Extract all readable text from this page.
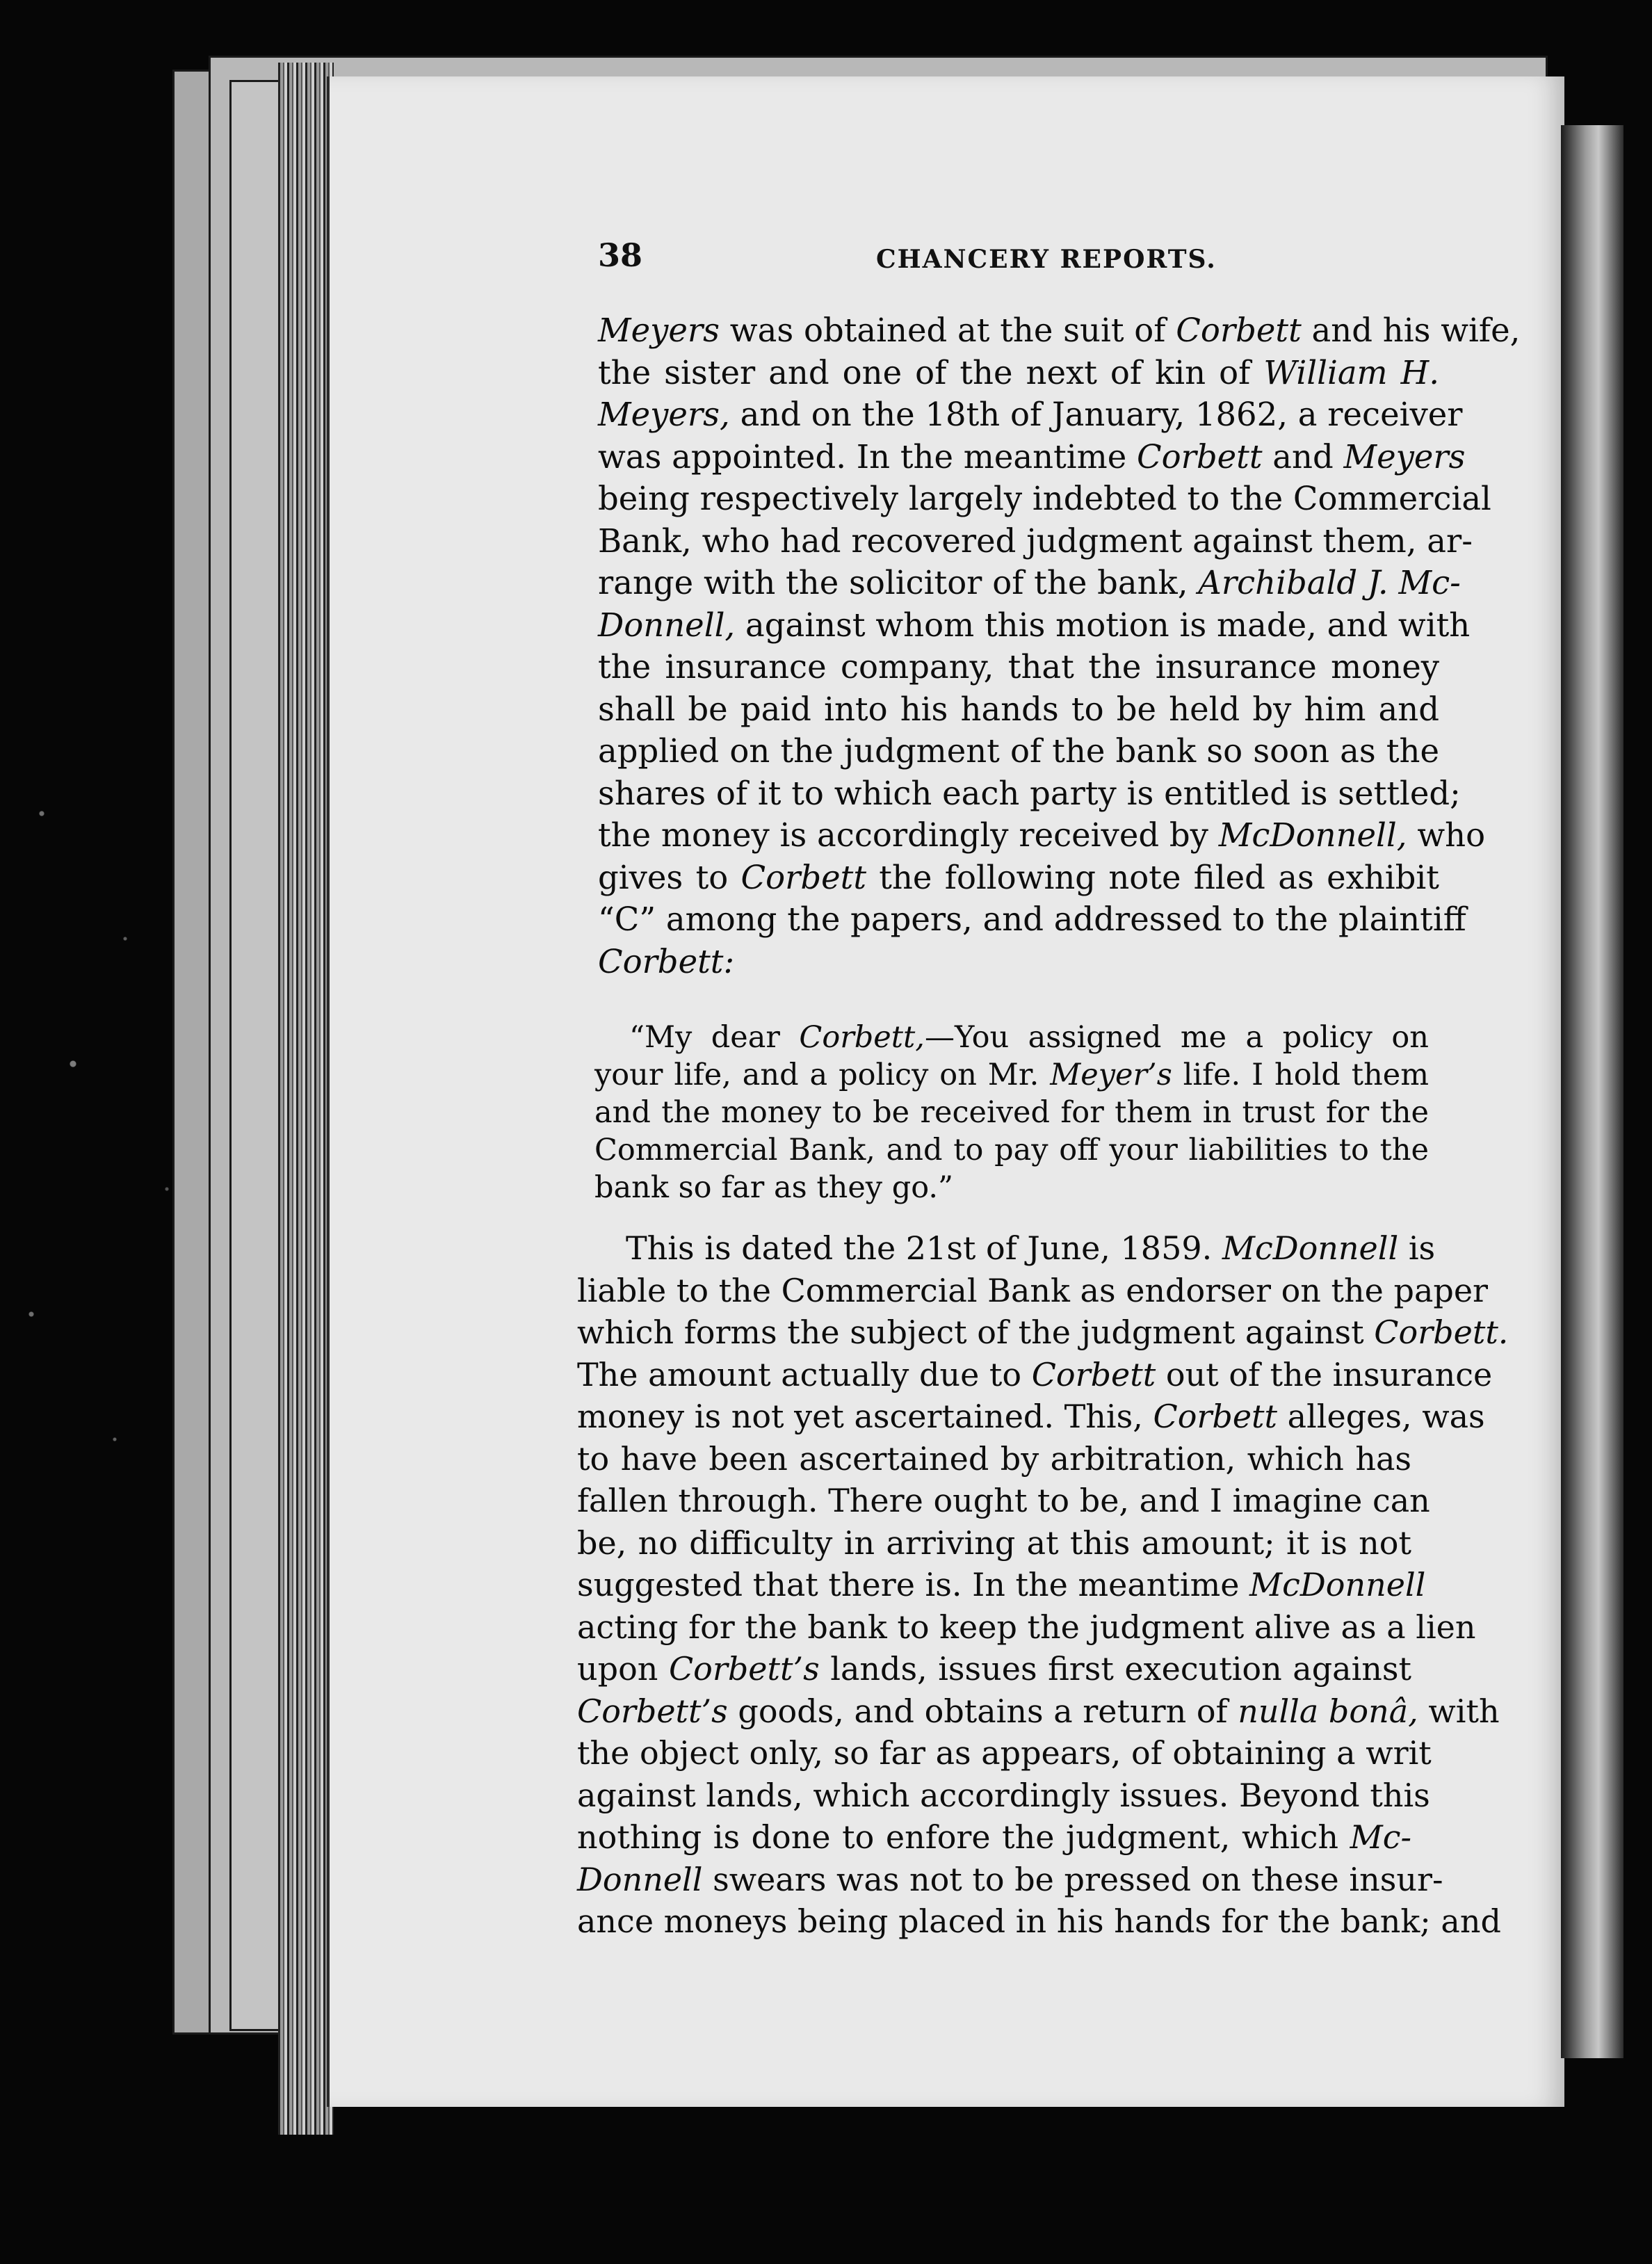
38	CHANCERY REPORTS.
Meyers was obtained at the suit of Corbett and his wife,
the sister and one of the next of kin of William H.
Meyers, and on the 18th of January, 1862, a receiver
was appointed. In the meantime Corbett and Meyers
being respectively largely indebted to the Commercial
Bank, who had recovered judgment against them, ar-
range with the solicitor of the bank, Archibald J. Mc-
Donnell, against whom this motion is made, and with
the insurance company, that the insurance money
shall be paid into his hands to be held by him and
applied on the judgment of the bank so soon as the
shares of it to which each party is entitled is settled;
the money is accordingly received by McDonnell, who
gives to Corbett the following note filed as exhibit
“C” among the papers, and addressed to the plaintiff
Corbett:
“My dear Corbett,—You assigned me a policy on
your life, and a policy on Mr. Meyer’s life. I hold them
and the money to be received for them in trust for the
Commercial Bank, and to pay off your liabilities to the
bank so far as they go.”
This is dated the 21st of June, 1859. McDonnell is
liable to the Commercial Bank as endorser on the paper
which forms the subject of the judgment against Corbett.
The amount actually due to Corbett out of the insurance
money is not yet ascertained. This, Corbett alleges, was
to have been ascertained by arbitration, which has
fallen through. There ought to be, and I imagine can
be, no difficulty in arriving at this amount; it is not
suggested that there is. In the meantime McDonnell
acting for the bank to keep the judgment alive as a lien
upon Corbett’s lands, issues first execution against
Corbett’s goods, and obtains a return of nulla bonâ, with
the object only, so far as appears, of obtaining a writ
against lands, which accordingly issues. Beyond this
nothing is done to enfore the judgment, which Mc-
Donnell swears was not to be pressed on these insur-
ance moneys being placed in his hands for the bank; and
